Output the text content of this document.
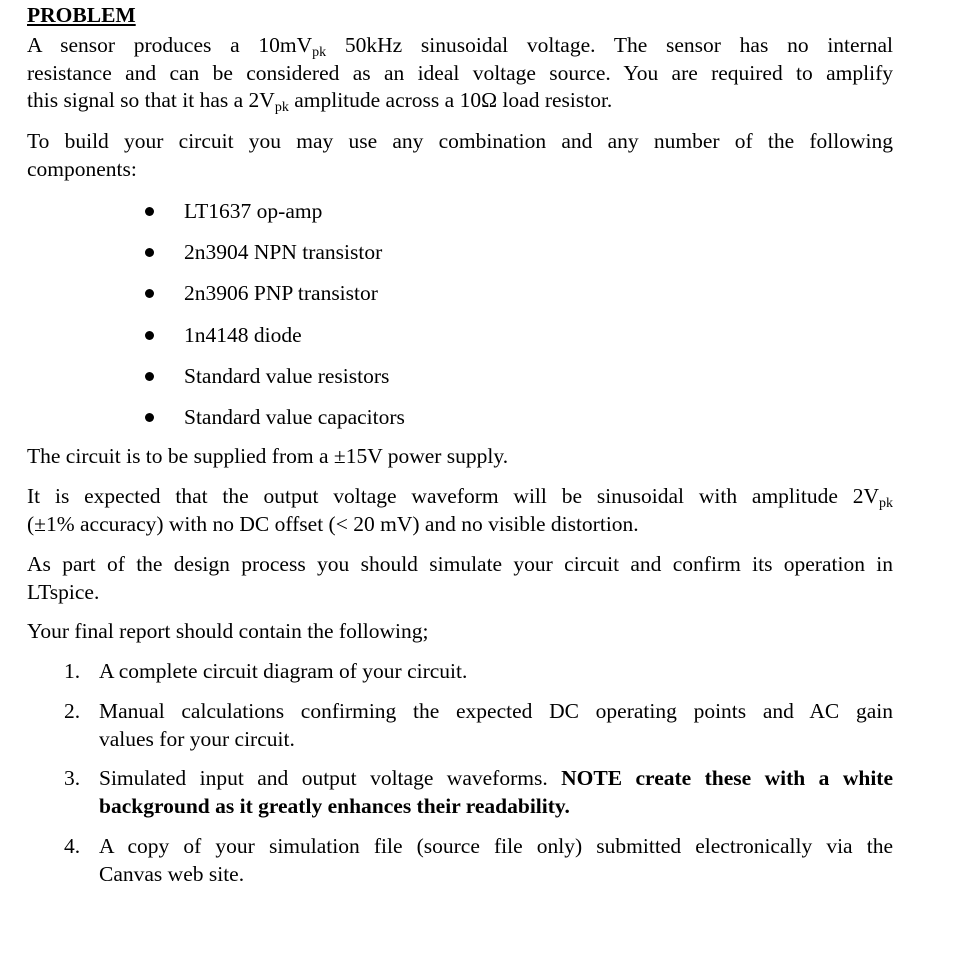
PROBLEM
A sensor produces a $10mV_{pk}$ 50kHz sinusoidal voltage. The sensor has no internal
resistance and can be considered as an ideal voltage source. You are required to amplify
this signal so that it has a $2V_{pk}$ amplitude across a 10Ω load resistor.
To build your circuit you may use any combination and any number of the following
components:
LT1637 op-amp
2n3904 NPN transistor
2n3906 PNP transistor
1n4148 diode
Standard value resistors
Standard value capacitors
The circuit is to be supplied from a ±15V power supply.
It is expected that the output voltage waveform will be sinusoidal with amplitude $2V_{pk}$
(±1% accuracy) with no DC offset (< 20 mV) and no visible distortion.
As part of the design process you should simulate your circuit and confirm its operation in
LTspice.
Your final report should contain the following;
1. A complete circuit diagram of your circuit.
2. Manual calculations confirming the expected DC operating points and AC gain
values for your circuit.
3. Simulated input and output voltage waveforms. NOTE create these with a white
background as it greatly enhances their readability.
4. A copy of your simulation file (source file only) submitted electronically via the
Canvas web site.
